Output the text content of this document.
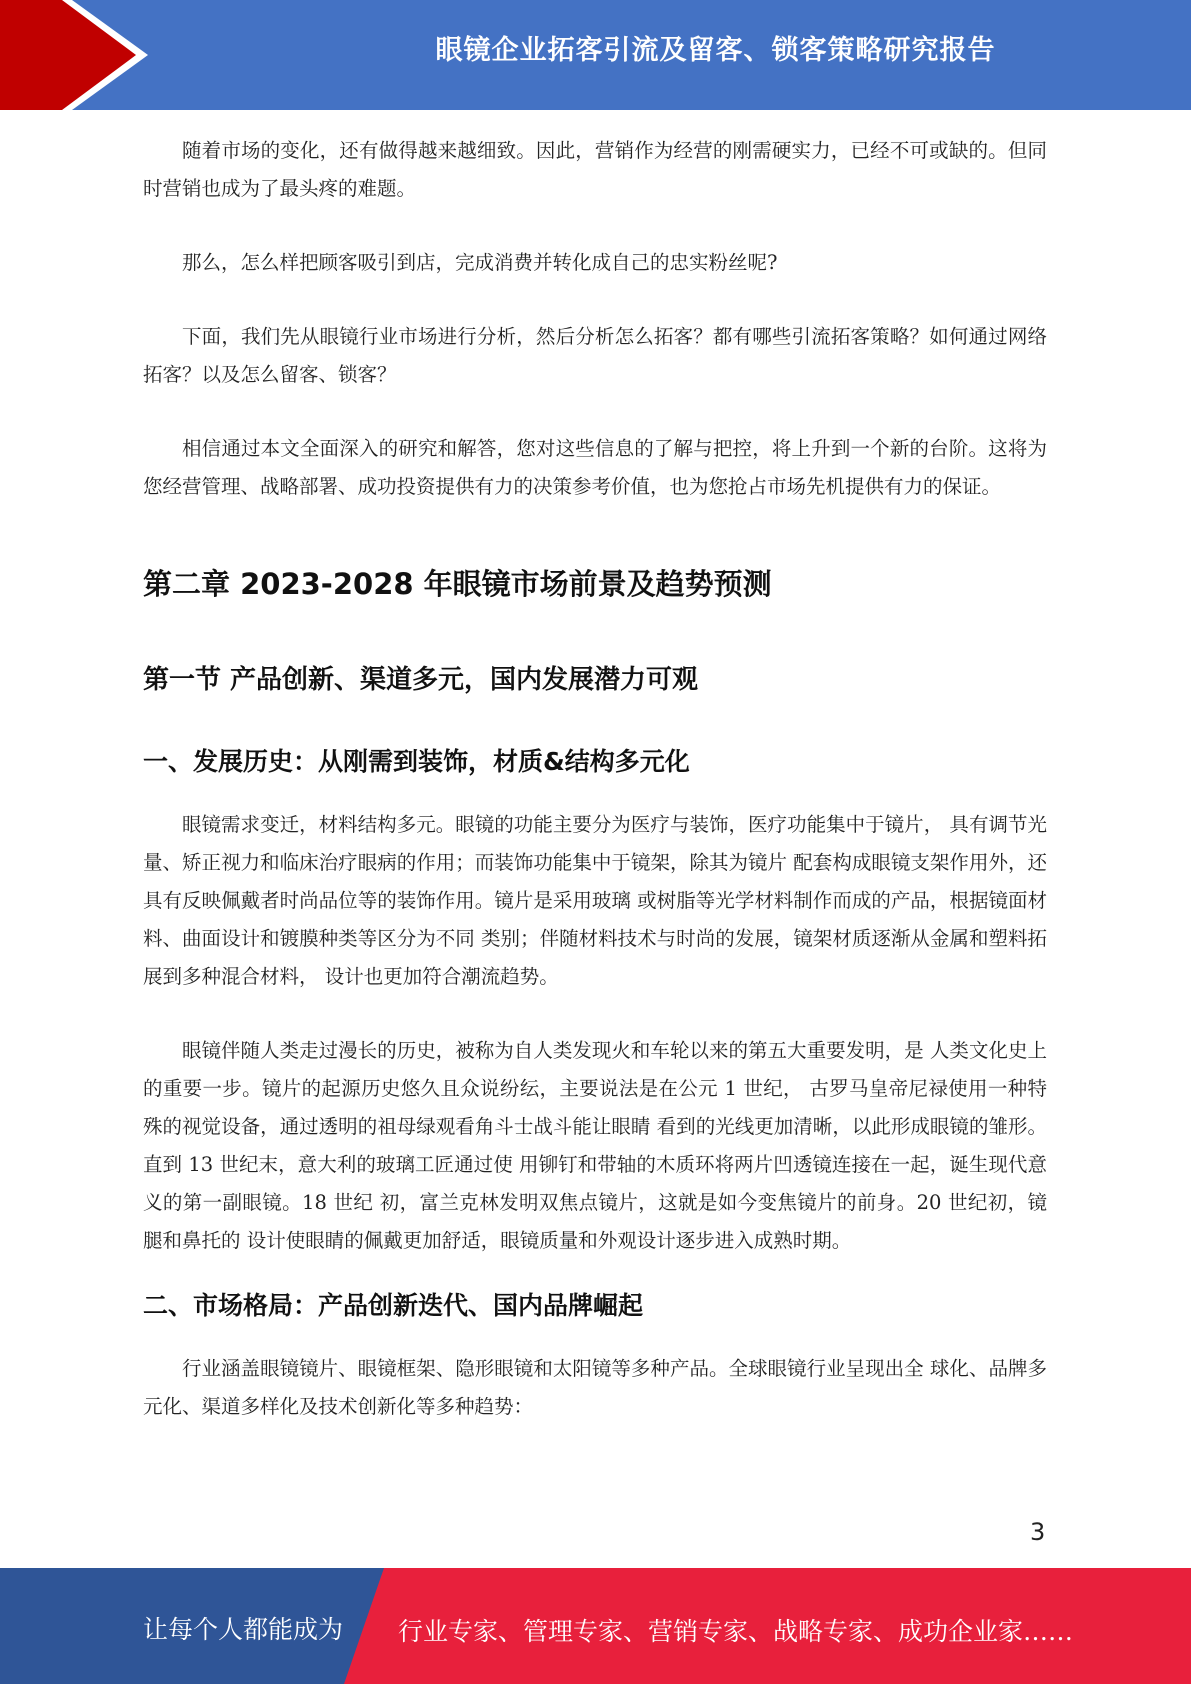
眼镜企业拓客引流及留客、锁客策略研究报告

随着市场的变化，还有做得越来越细致。因此，营销作为经营的刚需硬实力，已经不可或缺的。但同时营销也成为了最头疼的难题。

那么，怎么样把顾客吸引到店，完成消费并转化成自己的忠实粉丝呢?

下面，我们先从眼镜行业市场进行分析，然后分析怎么拓客？都有哪些引流拓客策略？如何通过网络拓客？以及怎么留客、锁客？

相信通过本文全面深入的研究和解答，您对这些信息的了解与把控，将上升到一个新的台阶。这将为您经营管理、战略部署、成功投资提供有力的决策参考价值，也为您抢占市场先机提供有力的保证。

第二章 2023-2028 年眼镜市场前景及趋势预测
第一节 产品创新、渠道多元，国内发展潜力可观
一、发展历史：从刚需到装饰，材质&结构多元化

眼镜需求变迁，材料结构多元。眼镜的功能主要分为医疗与装饰，医疗功能集中于镜片， 具有调节光量、矫正视力和临床治疗眼病的作用；而装饰功能集中于镜架，除其为镜片 配套构成眼镜支架作用外，还具有反映佩戴者时尚品位等的装饰作用。镜片是采用玻璃 或树脂等光学材料制作而成的产品，根据镜面材料、曲面设计和镀膜种类等区分为不同 类别；伴随材料技术与时尚的发展，镜架材质逐渐从金属和塑料拓展到多种混合材料， 设计也更加符合潮流趋势。

眼镜伴随人类走过漫长的历史，被称为自人类发现火和车轮以来的第五大重要发明，是 人类文化史上的重要一步。镜片的起源历史悠久且众说纷纭，主要说法是在公元 1 世纪， 古罗马皇帝尼禄使用一种特殊的视觉设备，通过透明的祖母绿观看角斗士战斗能让眼睛 看到的光线更加清晰，以此形成眼镜的雏形。直到 13 世纪末，意大利的玻璃工匠通过使 用铆钉和带轴的木质环将两片凹透镜连接在一起，诞生现代意义的第一副眼镜。18 世纪 初，富兰克林发明双焦点镜片，这就是如今变焦镜片的前身。20 世纪初，镜腿和鼻托的 设计使眼睛的佩戴更加舒适，眼镜质量和外观设计逐步进入成熟时期。

二、市场格局：产品创新迭代、国内品牌崛起

行业涵盖眼镜镜片、眼镜框架、隐形眼镜和太阳镜等多种产品。全球眼镜行业呈现出全 球化、品牌多元化、渠道多样化及技术创新化等多种趋势：

3
让每个人都能成为 行业专家、管理专家、营销专家、战略专家、成功企业家……
